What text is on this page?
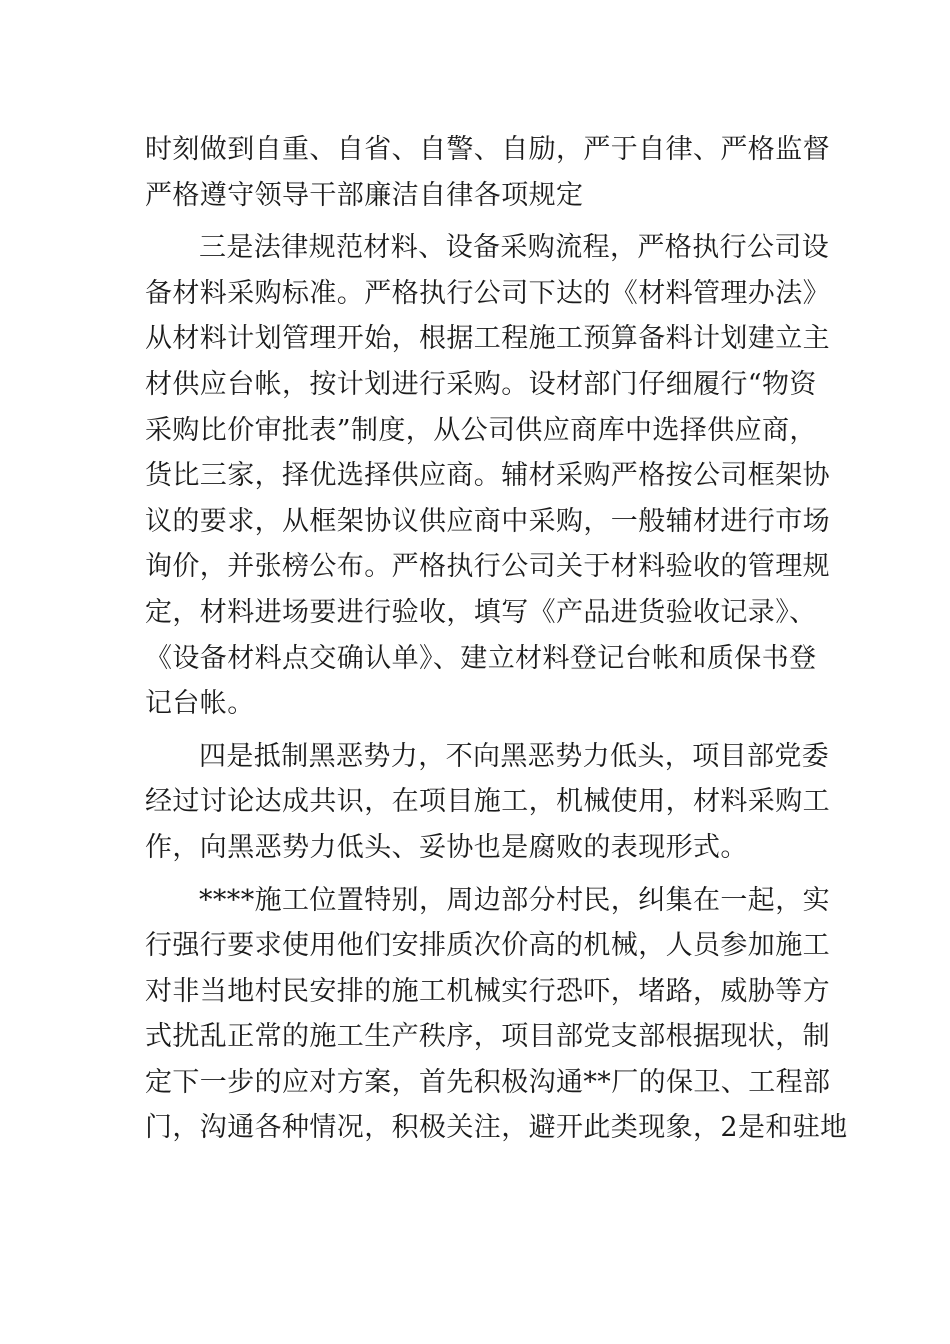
时刻做到自重、自省、自警、自励，严于自律、严格监督
严格遵守领导干部廉洁自律各项规定
三是法律规范材料、设备采购流程，严格执行公司设
备材料采购标准。严格执行公司下达的《材料管理办法》
从材料计划管理开始，根据工程施工预算备料计划建立主
材供应台帐，按计划进行采购。设材部门仔细履行“物资
采购比价审批表”制度，从公司供应商库中选择供应商，
货比三家，择优选择供应商。辅材采购严格按公司框架协
议的要求，从框架协议供应商中采购，一般辅材进行市场
询价，并张榜公布。严格执行公司关于材料验收的管理规
定，材料进场要进行验收，填写《产品进货验收记录》、
《设备材料点交确认单》、建立材料登记台帐和质保书登
记台帐。
四是抵制黑恶势力，不向黑恶势力低头，项目部党委
经过讨论达成共识，在项目施工，机械使用，材料采购工
作，向黑恶势力低头、妥协也是腐败的表现形式。
****施工位置特别，周边部分村民，纠集在一起，实
行强行要求使用他们安排质次价高的机械，人员参加施工
对非当地村民安排的施工机械实行恐吓，堵路，威胁等方
式扰乱正常的施工生产秩序，项目部党支部根据现状，制
定下一步的应对方案，首先积极沟通**厂的保卫、工程部
门，沟通各种情况，积极关注，避开此类现象，2是和驻地
